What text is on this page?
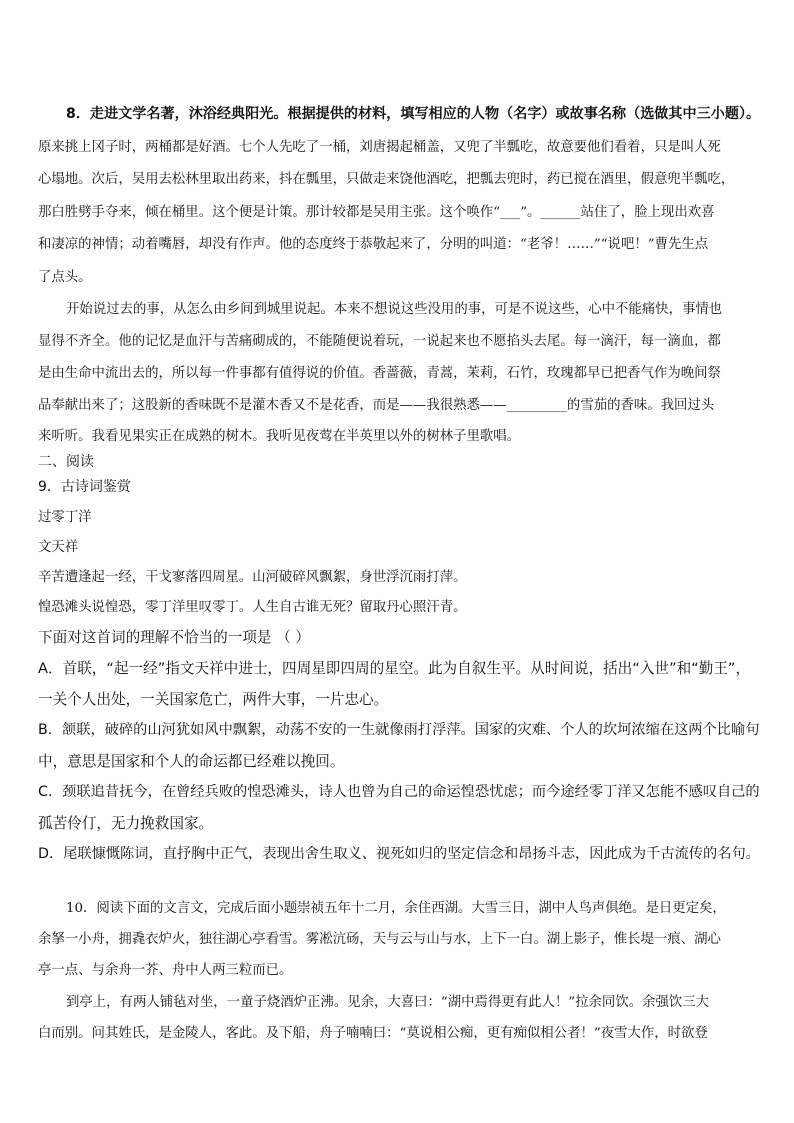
8．走进文学名著，沐浴经典阳光。根据提供的材料，填写相应的人物（名字）或故事名称（选做其中三小题）。
原来挑上冈子时，两桶都是好酒。七个人先吃了一桶，刘唐揭起桶盖，又兜了半瓢吃，故意要他们看着，只是叫人死
心塌地。次后，吴用去松林里取出药来，抖在瓢里，只做走来饶他酒吃，把瓢去兜时，药已搅在酒里，假意兜半瓢吃，
那白胜劈手夺来，倾在桶里。这个便是计策。那计较都是吴用主张。这个唤作“___”。______站住了，脸上现出欢喜
和凄凉的神情；动着嘴唇，却没有作声。他的态度终于恭敬起来了，分明的叫道：“老爷！……”“说吧！”曹先生点
了点头。
开始说过去的事，从怎么由乡间到城里说起。本来不想说这些没用的事，可是不说这些，心中不能痛快，事情也
显得不齐全。他的记忆是血汗与苦痛砌成的，不能随便说着玩，一说起来也不愿掐头去尾。每一滴汗，每一滴血，都
是由生命中流出去的，所以每一件事都有值得说的价值。香蔷薇，青蒿，茉莉，石竹，玫瑰都早已把香气作为晚间祭
品奉献出来了；这股新的香味既不是灌木香又不是花香，而是——我很熟悉——_________的雪茄的香味。我回过头
来听听。我看见果实正在成熟的树木。我听见夜莺在半英里以外的树林子里歌唱。
二、阅读
9．古诗词鉴赏
过零丁洋
文天祥
辛苦遭逢起一经，干戈寥落四周星。山河破碎风飘絮，身世浮沉雨打萍。
惶恐滩头说惶恐，零丁洋里叹零丁。人生自古谁无死？留取丹心照汗青。
下面对这首词的理解不恰当的一项是 （ ）
A．首联，“起一经”指文天祥中进士，四周星即四周的星空。此为自叙生平。从时间说，括出“入世”和“勤王”，
一关个人出处，一关国家危亡，两件大事，一片忠心。
B．颔联，破碎的山河犹如风中飘絮，动荡不安的一生就像雨打浮萍。国家的灾难、个人的坎坷浓缩在这两个比喻句
中，意思是国家和个人的命运都已经难以挽回。
C．颈联追昔抚今，在曾经兵败的惶恐滩头，诗人也曾为自己的命运惶恐忧虑；而今途经零丁洋又怎能不感叹自己的
孤苦伶仃，无力挽救国家。
D．尾联慷慨陈词，直抒胸中正气，表现出舍生取义、视死如归的坚定信念和昂扬斗志，因此成为千古流传的名句。
10．阅读下面的文言文，完成后面小题崇祯五年十二月，余住西湖。大雪三日，湖中人鸟声俱绝。是日更定矣，
余拏一小舟，拥毳衣炉火，独往湖心亭看雪。雾凇沆砀，天与云与山与水，上下一白。湖上影子，惟长堤一痕、湖心
亭一点、与余舟一芥、舟中人两三粒而已。
到亭上，有两人铺毡对坐，一童子烧酒炉正沸。见余，大喜曰：“湖中焉得更有此人！”拉余同饮。余强饮三大
白而别。问其姓氏，是金陵人，客此。及下船，舟子喃喃曰：“莫说相公痴，更有痴似相公者！”夜雪大作，时欲登
